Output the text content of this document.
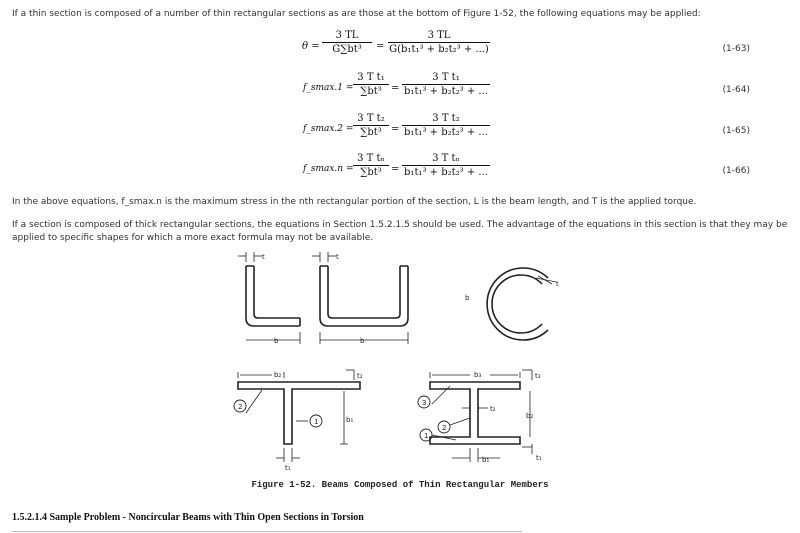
If a thin section is composed of a number of thin rectangular sections as are those at the bottom of Figure 1-52, the following equations may be applied:
$\theta = \frac{3 TL}{\text{G∑bt³}} = \frac{3 TL}{\text{G(b₁t₁³ + b₂t₂³ + ...)}}$	(1-63)
f_smax.1 = $\frac{\text{3 T t₁}}{\text{∑bt³}} = \frac{\text{3 T t₁}}{\text{b₁t₁³ + b₂t₂³ + ...}}$	(1-64)
f_smax.2 = $\frac{\text{3 T t₂}}{\text{∑bt³}} = \frac{\text{3 T t₂}}{\text{b₁t₁³ + b₂t₂³ + ...}}$	(1-65)
f_smax.n = $\frac{\text{3 T tₙ}}{\text{∑bt³}} = \frac{\text{3 T tₙ}}{\text{b₁t₁³ + b₂t₂³ + ...}}$	(1-66)
In the above equations, f_smax.n is the maximum stress in the nth rectangular portion of the section, L is the beam length, and T is the applied torque.
If a section is composed of thick rectangular sections, the equations in Section 1.5.2.1.5 should be used. The advantage of the equations in this section is that they may be
applied to specific shapes for which a more exact formula may not be available.
t	t
b	b
b
t
b₂	t₂
b₁
t₁
b₃	t₃
t₂
b₂
b₁	t₁
2
1
3
2
1
Figure 1-52. Beams Composed of Thin Rectangular Members
1.5.2.1.4 Sample Problem - Noncircular Beams with Thin Open Sections in Torsion
